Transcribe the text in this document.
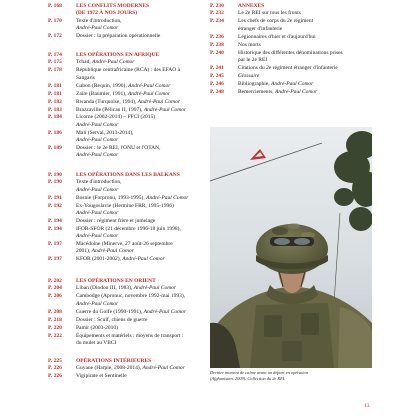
P. 168	LES CONFLITS MODERNES
(DE 1972 À NOS JOURS)
P. 170	Texte d'introduction,
André-Paul Comor
P. 172	Dossier : la préparation opérationnelle
P. 174	LES OPÉRATIONS EN AFRIQUE
P. 175	Tchad, André-Paul Comor
P. 178	République centrafricaine (RCA) : des EFAO à
Sangaris
P. 181	Gabon (Requin, 1990), André-Paul Comor
P. 181	Zaïre (Baumier, 1991), André-Paul Comor
P. 182	Rwanda (Turquoise, 1994), André-Paul Comor
P. 183	Brazzaville (Pélican II, 1997), André-Paul Comor
P. 184	Licorne (2002-2014) – FFCI (2015)
André-Paul Comor
P. 186	Mali (Serval, 2013-2014),
André-Paul Comor
P. 189	Dossier : le 2e REI, l'ONU et l'OTAN,
André-Paul Comor
P. 190	LES OPÉRATIONS DANS LES BALKANS
P. 190	Texte d'introduction,
André-Paul Comor
P. 191	Bosnie (Forpronu, 1993-1995), André-Paul Comor
P. 192	Ex-Yougoslavie (Hermine FRR, 1995-1996)
André-Paul Comor
P. 194	Dossier : régiment frère et jumelage
P. 194	IFOR-SFOR (21 décembre 1996-18 juin 1998),
André-Paul Comor
P. 197	Macédoine (Minerve, 27 août-26 septembre
2001), André-Paul Comor
P. 197	KFOR (2001-2002), André-Paul Comor
P. 202	LES OPÉRATIONS EN ORIENT
P. 204	Liban (Diodon III, 1983), André-Paul Comor
P. 206	Cambodge (Apronuc, novembre 1992-mai 1993),
André-Paul Comor
P. 208	Guerre du Golfe (1990-1991), André-Paul Comor
P. 218	Dossier : Sculf, chiens de guerre
P. 220	Pamir (2003-2010)
P. 222	Équipements et matériels : moyens de transport :
du mulet au VBCI
P. 225	OPÉRATIONS INTÉRIEURES
P. 226	Guyane (Harpie, 2008-2014), André-Paul Comor
P. 226	Vigipirate et Sentinelle
P. 230	ANNEXES
P. 232	Le 2e REI sur tous les fronts
P. 234	Les chefs de corps du 2e régiment
étranger d'infanterie
P. 236	Légionnaires d'hier et d'aujourd'hui
P. 238	Nos morts
P. 240	Historique des différentes dénominations prises
par le 2e REI
P. 241	Citations du 2e régiment étranger d'infanterie
P. 245	Glossaire
P. 246	Bibliographie, André-Paul Comor
P. 248	Remerciements, André-Paul Comor
Dernier moment de calme avant un départ en opération
(Afghanistan, 2009). Collection du 2e REI.
13
